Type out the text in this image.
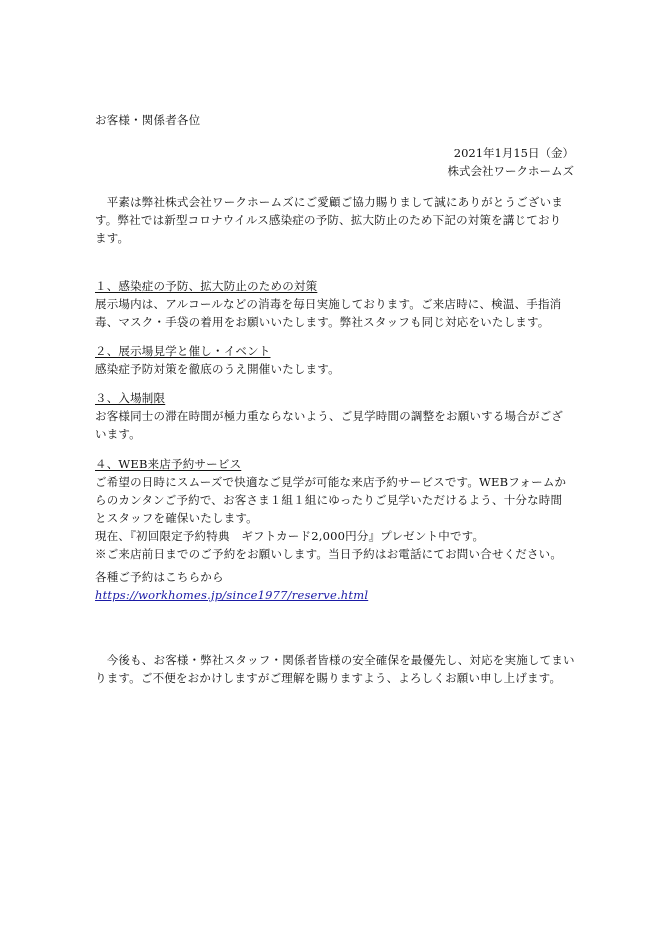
お客様・関係者各位
2021年1月15日（金）
株式会社ワークホームズ

　平素は弊社株式会社ワークホームズにご愛顧ご協力賜りまして誠にありがとうございま

す。弊社では新型コロナウイルス感染症の予防、拡大防止のため下記の対策を講じており

ます。

１、感染症の予防、拡大防止のための対策

展示場内は、アルコールなどの消毒を毎日実施しております。ご来店時に、検温、手指消

毒、マスク・手袋の着用をお願いいたします。弊社スタッフも同じ対応をいたします。

２、展示場見学と催し・イベント

感染症予防対策を徹底のうえ開催いたします。

３、入場制限

お客様同士の滞在時間が極力重ならないよう、ご見学時間の調整をお願いする場合がござ

います。

４、WEB来店予約サービス

ご希望の日時にスムーズで快適なご見学が可能な来店予約サービスです。WEBフォームか

らのカンタンご予約で、お客さま１組１組にゆったりご見学いただけるよう、十分な時間

とスタッフを確保いたします。

現在、『初回限定予約特典　ギフトカード2,000円分』プレゼント中です。

※ご来店前日までのご予約をお願いします。当日予約はお電話にてお問い合せください。

各種ご予約はこちらから

https://workhomes.jp/since1977/reserve.html

　今後も、お客様・弊社スタッフ・関係者皆様の安全確保を最優先し、対応を実施してまい

ります。ご不便をおかけしますがご理解を賜りますよう、よろしくお願い申し上げます。
